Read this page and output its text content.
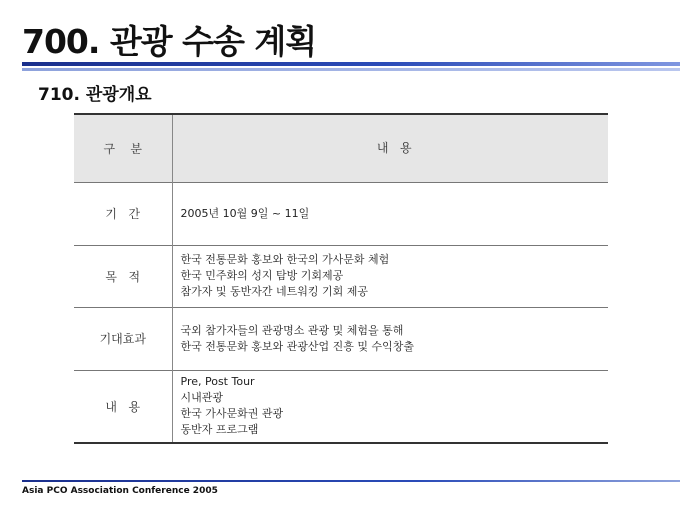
700. 관광 수송 계획
710. 관광개요
구    분	내   용
기   간	2005년 10월 9일 ~ 11일

목   적	한국 전통문화 홍보와 한국의 가사문화 체험
한국 민주화의 성지 탐방 기회제공
참가자 및 동반자간 네트워킹 기회 제공

기대효과	국외 참가자들의 관광명소 관광 및 체험을 통해
한국 전통문화 홍보와 관광산업 진흥 및 수익창출

내   용	Pre, Post Tour
시내관광
한국 가사문화권 관광
동반자 프로그램
Asia PCO Association Conference 2005
